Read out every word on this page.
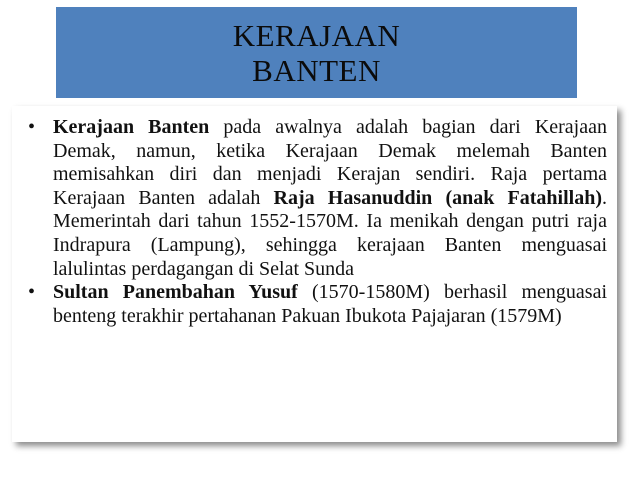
KERAJAAN
BANTEN
• Kerajaan Banten pada awalnya adalah bagian dari Kerajaan Demak, namun, ketika Kerajaan Demak melemah Banten memisahkan diri dan menjadi Kerajan sendiri. Raja pertama Kerajaan Banten adalah Raja Hasanuddin (anak Fatahillah). Memerintah dari tahun 1552-1570M. Ia menikah dengan putri raja Indrapura (Lampung), sehingga kerajaan Banten menguasai lalulintas perdagangan di Selat Sunda
• Sultan Panembahan Yusuf (1570-1580M) berhasil menguasai benteng terakhir pertahanan Pakuan Ibukota Pajajaran (1579M)
